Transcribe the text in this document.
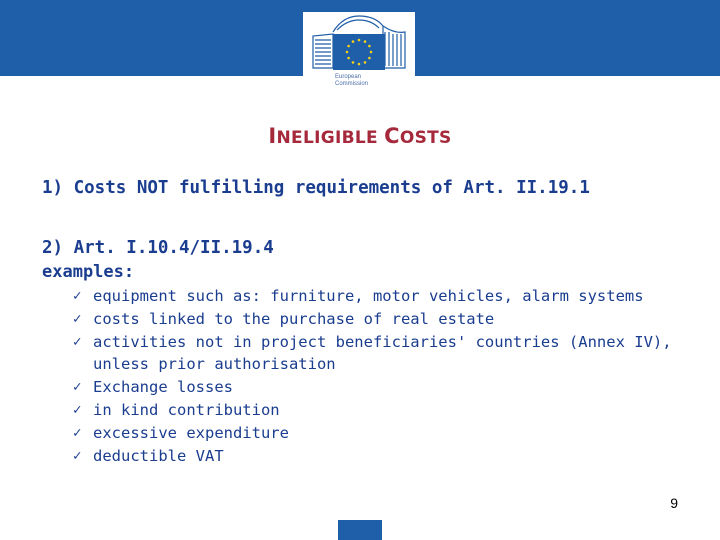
European
Commission
INELIGIBLE COSTS
1) Costs NOT fulfilling requirements of Art. II.19.1
2) Art. I.10.4/II.19.4
examples:
✓ equipment such as: furniture, motor vehicles, alarm systems
✓ costs linked to the purchase of real estate
✓ activities not in project beneficiaries' countries (Annex IV), unless prior authorisation
✓ Exchange losses
✓ in kind contribution
✓ excessive expenditure
✓ deductible VAT
9
